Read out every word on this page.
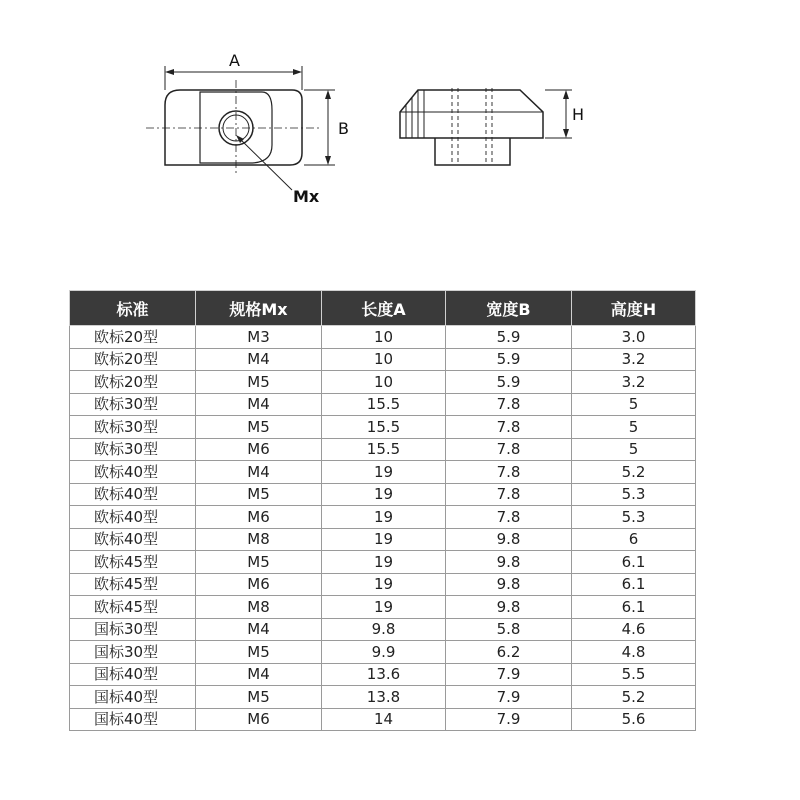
A
B
Mx
H
标准	规格Mx	长度A	宽度B	高度H
欧标20型	M3	10	5.9	3.0
欧标20型	M4	10	5.9	3.2
欧标20型	M5	10	5.9	3.2
欧标30型	M4	15.5	7.8	5
欧标30型	M5	15.5	7.8	5
欧标30型	M6	15.5	7.8	5
欧标40型	M4	19	7.8	5.2
欧标40型	M5	19	7.8	5.3
欧标40型	M6	19	7.8	5.3
欧标40型	M8	19	9.8	6
欧标45型	M5	19	9.8	6.1
欧标45型	M6	19	9.8	6.1
欧标45型	M8	19	9.8	6.1
国标30型	M4	9.8	5.8	4.6
国标30型	M5	9.9	6.2	4.8
国标40型	M4	13.6	7.9	5.5
国标40型	M5	13.8	7.9	5.2
国标40型	M6	14	7.9	5.6
